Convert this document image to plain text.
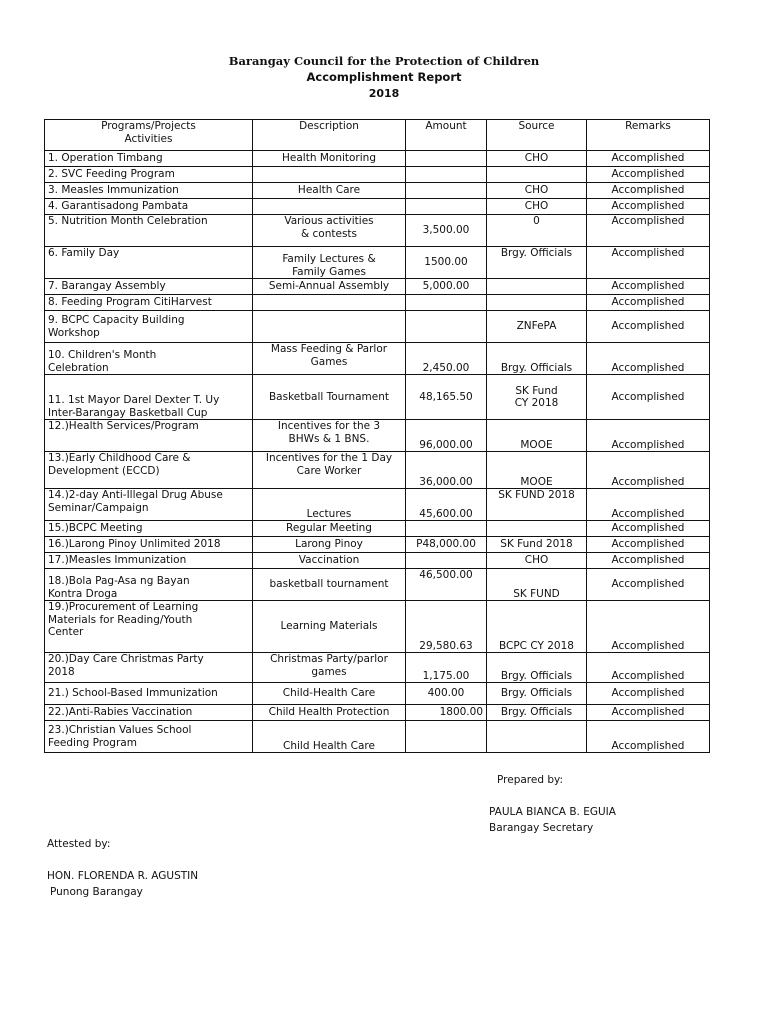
Barangay Council for the Protection of Children
Accomplishment Report
2018
Programs/Projects
Activities	Description	Amount	Source	Remarks
1. Operation Timbang	Health Monitoring		CHO	Accomplished
2. SVC Feeding Program				Accomplished
3. Measles Immunization	Health Care		CHO	Accomplished
4. Garantisadong Pambata			CHO	Accomplished
5. Nutrition Month Celebration	Various activities
& contests	3,500.00	0	Accomplished
6. Family Day	Family Lectures &
Family Games	1500.00	Brgy. Officials	Accomplished
7. Barangay Assembly	Semi-Annual Assembly	5,000.00		Accomplished
8. Feeding Program CitiHarvest				Accomplished
9. BCPC Capacity Building
Workshop			ZNFePA	Accomplished
10. Children's Month
Celebration	Mass Feeding & Parlor
Games	2,450.00	Brgy. Officials	Accomplished
11. 1st Mayor Darel Dexter T. Uy
Inter-Barangay Basketball Cup	Basketball Tournament	48,165.50	SK Fund
CY 2018	Accomplished
12.)Health Services/Program	Incentives for the 3
BHWs & 1 BNS.	96,000.00	MOOE	Accomplished
13.)Early Childhood Care &
Development (ECCD)	Incentives for the 1 Day
Care Worker	36,000.00	MOOE	Accomplished
14.)2-day Anti-Illegal Drug Abuse
Seminar/Campaign	Lectures	45,600.00	SK FUND 2018	Accomplished
15.)BCPC Meeting	Regular Meeting			Accomplished
16.)Larong Pinoy Unlimited 2018	Larong Pinoy	P48,000.00	SK Fund 2018	Accomplished
17.)Measles Immunization	Vaccination		CHO	Accomplished
18.)Bola Pag-Asa ng Bayan
Kontra Droga	basketball tournament	46,500.00	SK FUND	Accomplished
19.)Procurement of Learning
Materials for Reading/Youth
Center	Learning Materials	29,580.63	BCPC CY 2018	Accomplished
20.)Day Care Christmas Party
2018	Christmas Party/parlor
games	1,175.00	Brgy. Officials	Accomplished
21.) School-Based Immunization	Child-Health Care	400.00	Brgy. Officials	Accomplished
22.)Anti-Rabies Vaccination	Child Health Protection	1800.00	Brgy. Officials	Accomplished
23.)Christian Values School
Feeding Program	Child Health Care			Accomplished
Prepared by:
PAULA BIANCA B. EGUIA
Barangay Secretary
Attested by:
HON. FLORENDA R. AGUSTIN
Punong Barangay
